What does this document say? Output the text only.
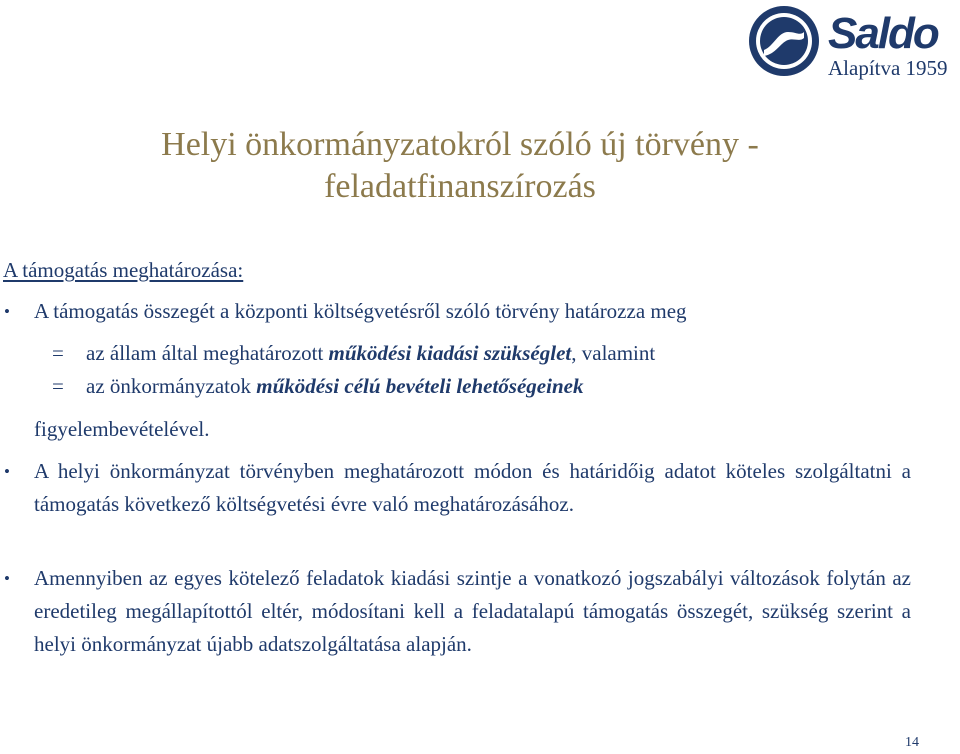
Saldo
Alapítva 1959
Helyi önkormányzatokról szóló új törvény -
feladatfinanszírozás
A támogatás meghatározása:
• A támogatás összegét a központi költségvetésről szóló törvény határozza meg
= az állam által meghatározott működési kiadási szükséglet, valamint
= az önkormányzatok működési célú bevételi lehetőségeinek
figyelembevételével.
• A helyi önkormányzat törvényben meghatározott módon és határidőig adatot köteles szolgáltatni a támogatás következő költségvetési évre való meghatározásához.
• Amennyiben az egyes kötelező feladatok kiadási szintje a vonatkozó jogszabályi változások folytán az eredetileg megállapítottól eltér, módosítani kell a feladatalapú támogatás összegét, szükség szerint a helyi önkormányzat újabb adatszolgáltatása alapján.
14
